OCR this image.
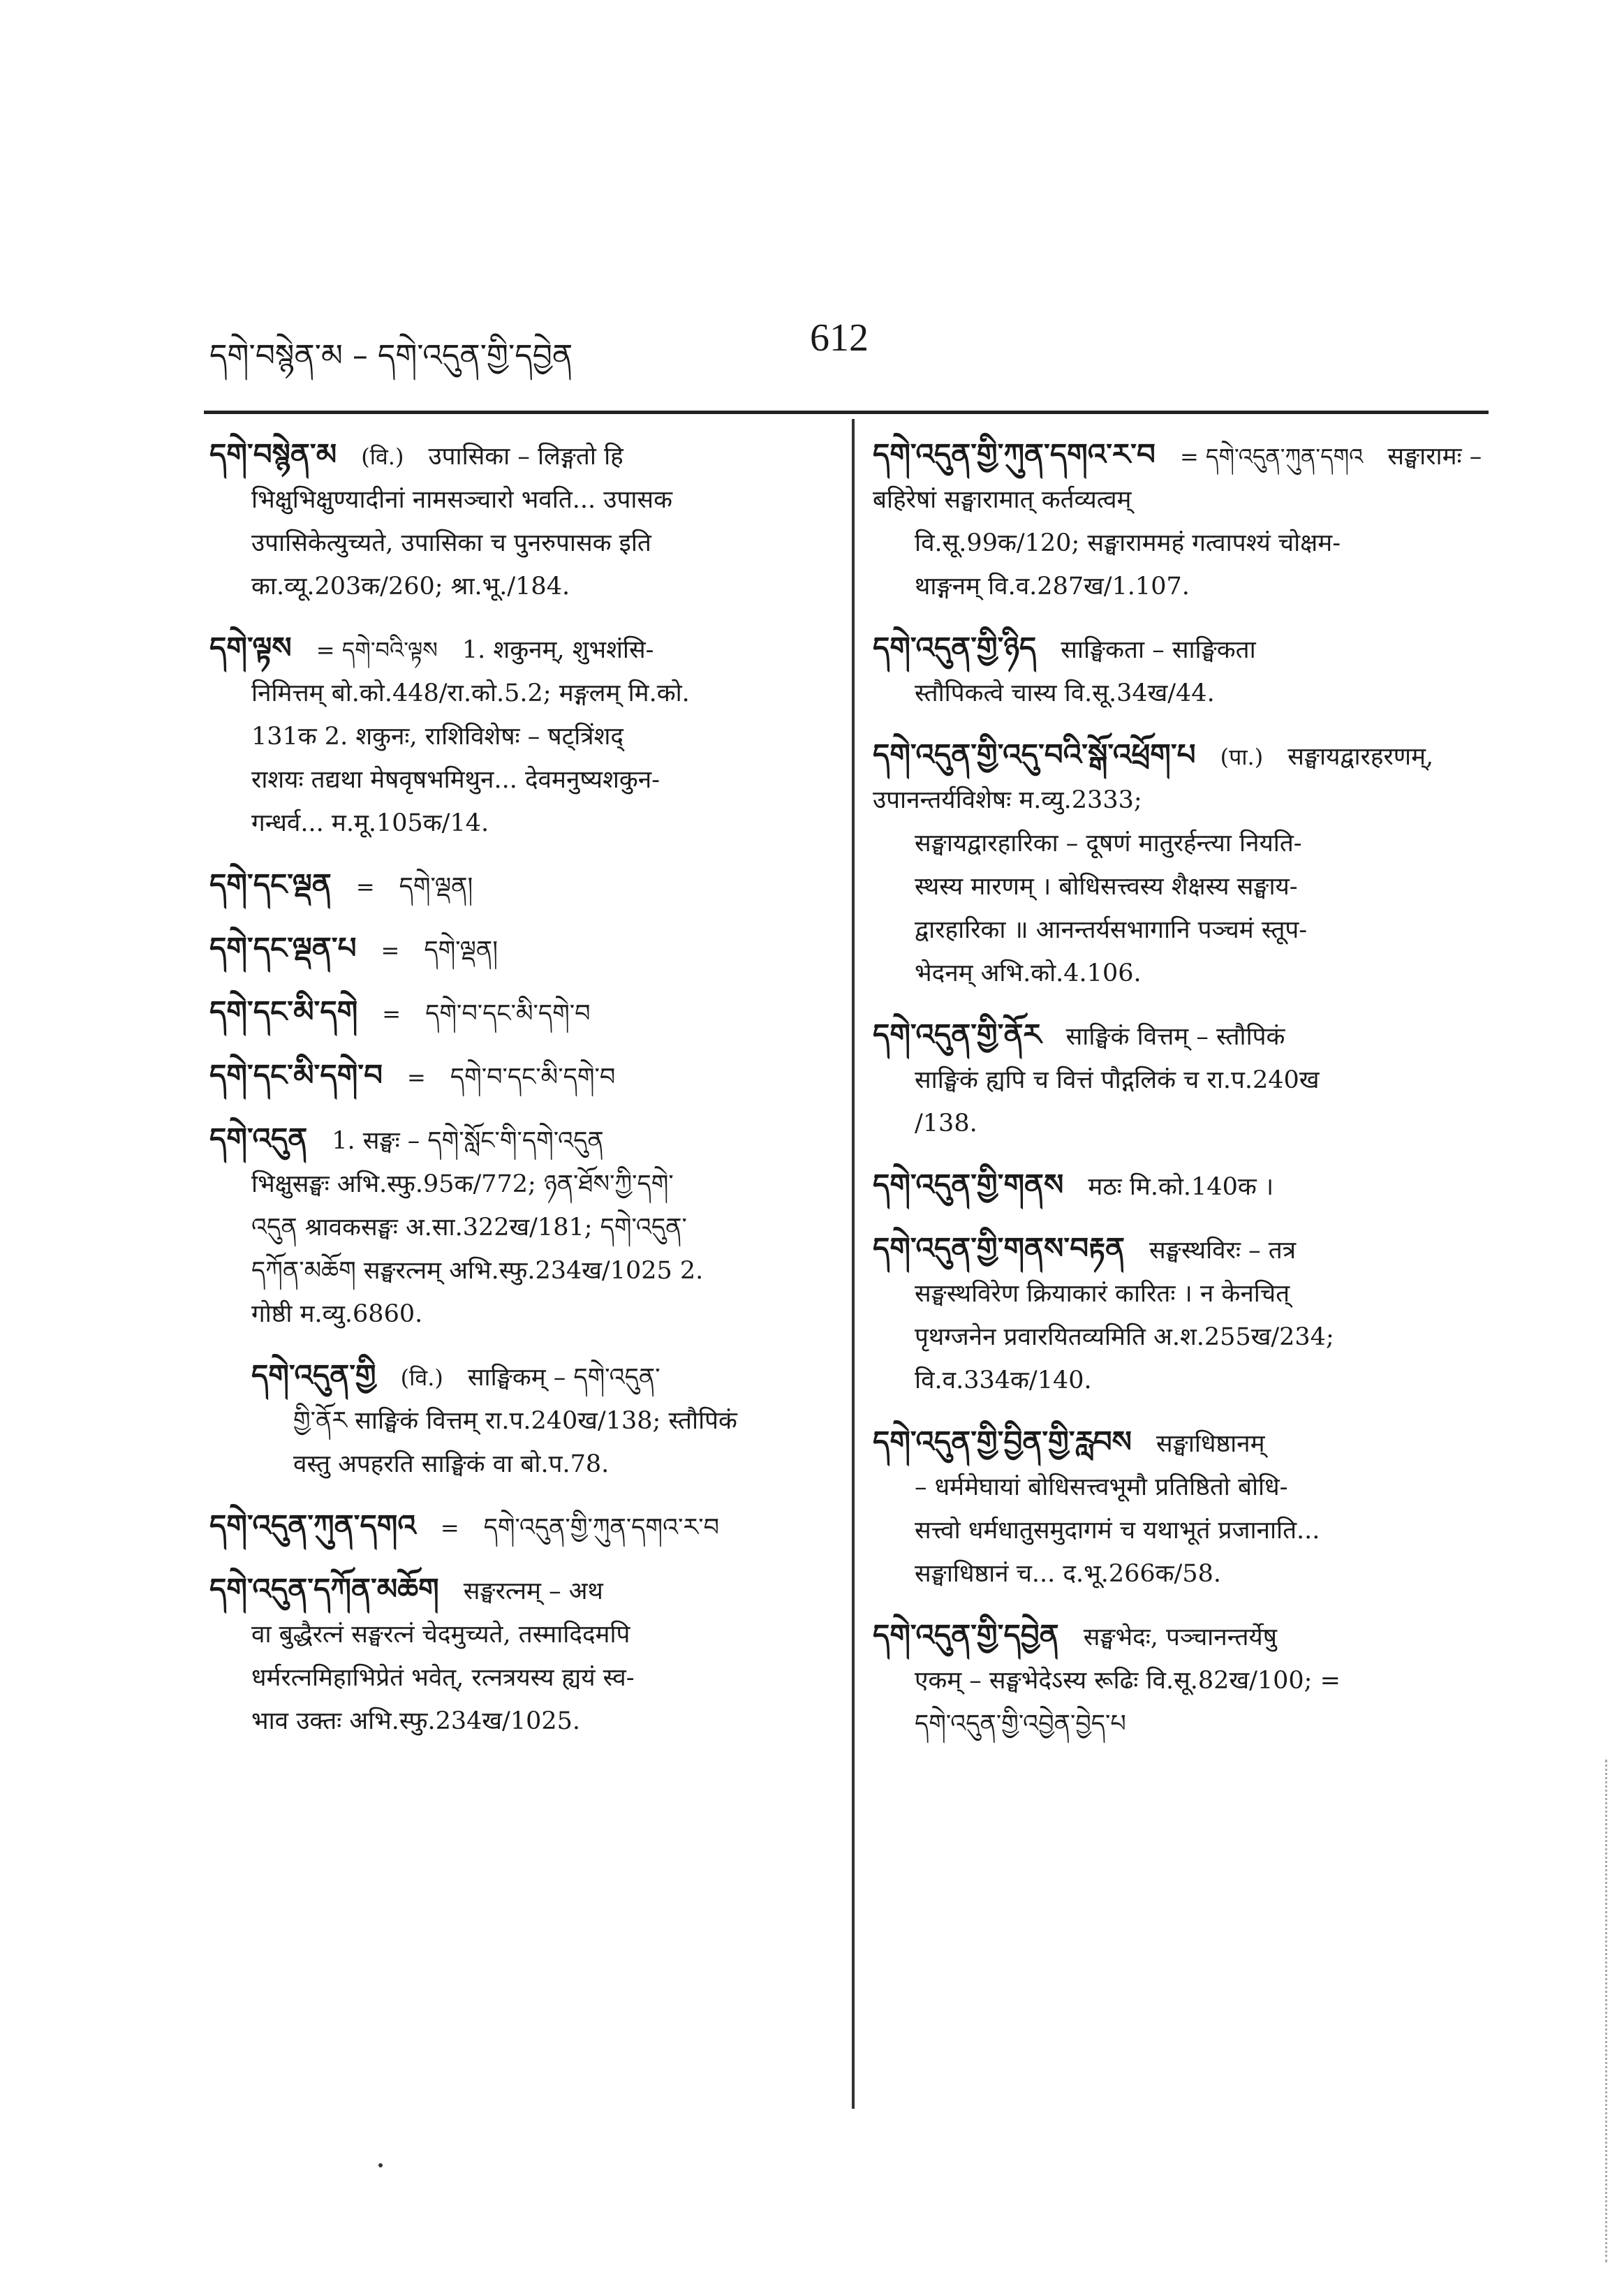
དགེ་བསྙེན་མ – དགེ་འདུན་གྱི་དབྱེན	612
དགེ་བསྙེན་མ  (वि.)  उपासिका – लिङ्गतो हि
भिक्षुभिक्षुण्यादीनां नामसञ्चारो भवति... उपासक
उपासिकेत्युच्यते, उपासिका च पुनरुपासक इति
का.व्यू.203क/260; श्रा.भू./184.
དགེ་ལྟས  = དགེ་བའི་ལྟས  1. शकुनम्, शुभशंसि-
निमित्तम् बो.को.448/रा.को.5.2; मङ्गलम् मि.को.
131क 2. शकुनः, राशिविशेषः – षट्त्रिंशद्
राशयः तद्यथा मेषवृषभमिथुन... देवमनुष्यशकुन-
गन्धर्व... म.मू.105क/14.
དགེ་དང་ལྡན  =  དགེ་ལྡན།
དགེ་དང་ལྡན་པ  =  དགེ་ལྡན།
དགེ་དང་མི་དགེ  =  དགེ་བ་དང་མི་དགེ་བ
དགེ་དང་མི་དགེ་བ  =  དགེ་བ་དང་མི་དགེ་བ
དགེ་འདུན  1. सङ्घः – དགེ་སློང་གི་དགེ་འདུན
भिक्षुसङ्घः अभि.स्फु.95क/772; ཉན་ཐོས་ཀྱི་དགེ་
འདུན श्रावकसङ्घः अ.सा.322ख/181; དགེ་འདུན་
དཀོན་མཆོག सङ्घरत्नम् अभि.स्फु.234ख/1025 2.
गोष्ठी म.व्यु.6860.
དགེ་འདུན་གྱི  (वि.)  साङ्घिकम् – དགེ་འདུན་
གྱི་ནོར साङ्घिकं वित्तम् रा.प.240ख/138; स्तौपिकं
वस्तु अपहरति साङ्घिकं वा बो.प.78.
དགེ་འདུན་ཀུན་དགའ  =  དགེ་འདུན་གྱི་ཀུན་དགའ་ར་བ
དགེ་འདུན་དཀོན་མཆོག  सङ्घरत्नम् – अथ
वा बुद्धैरत्नं सङ्घरत्नं चेदमुच्यते, तस्मादिदमपि
धर्मरत्नमिहाभिप्रेतं भवेत्, रत्नत्रयस्य ह्ययं स्व-
भाव उक्तः अभि.स्फु.234ख/1025.
དགེ་འདུན་གྱི་ཀུན་དགའ་ར་བ  = དགེ་འདུན་ཀུན་དགའ  सङ्घारामः – बहिरेषां सङ्घारामात् कर्तव्यत्वम्
वि.सू.99क/120; सङ्घाराममहं गत्वापश्यं चोक्षम-
थाङ्गनम् वि.व.287ख/1.107.
དགེ་འདུན་གྱི་ཉིད  साङ्घिकता – साङ्घिकता
स्तौपिकत्वे चास्य वि.सू.34ख/44.
དགེ་འདུན་གྱི་འདུ་བའི་སྒོ་འཕྲོག་པ  (पा.)  सङ्घायद्वारहरणम्, उपानन्तर्यविशेषः म.व्यु.2333;
सङ्घायद्वारहारिका – दूषणं मातुरर्हन्त्या नियति-
स्थस्य मारणम् । बोधिसत्त्वस्य शैक्षस्य सङ्घाय-
द्वारहारिका ॥ आनन्तर्यसभागानि पञ्चमं स्तूप-
भेदनम् अभि.को.4.106.
དགེ་འདུན་གྱི་ནོར  साङ्घिकं वित्तम् – स्तौपिकं
साङ्घिकं ह्यपि च वित्तं पौद्गलिकं च रा.प.240ख
/138.
དགེ་འདུན་གྱི་གནས  मठः मि.को.140क ।
དགེ་འདུན་གྱི་གནས་བརྟན  सङ्घस्थविरः – तत्र
सङ्घस्थविरेण क्रियाकारं कारितः । न केनचित्
पृथग्जनेन प्रवारयितव्यमिति अ.श.255ख/234;
वि.व.334क/140.
དགེ་འདུན་གྱི་བྱིན་གྱི་རླབས  सङ्घाधिष्ठानम्
– धर्ममेघायां बोधिसत्त्वभूमौ प्रतिष्ठितो बोधि-
सत्त्वो धर्मधातुसमुदागमं च यथाभूतं प्रजानाति...
सङ्घाधिष्ठानं च... द.भू.266क/58.
དགེ་འདུན་གྱི་དབྱེན  सङ्घभेदः, पञ्चानन्तर्येषु
एकम् – सङ्घभेदेऽस्य रूढिः वि.सू.82ख/100; =
དགེ་འདུན་གྱི་འབྱེན་བྱེད་པ
